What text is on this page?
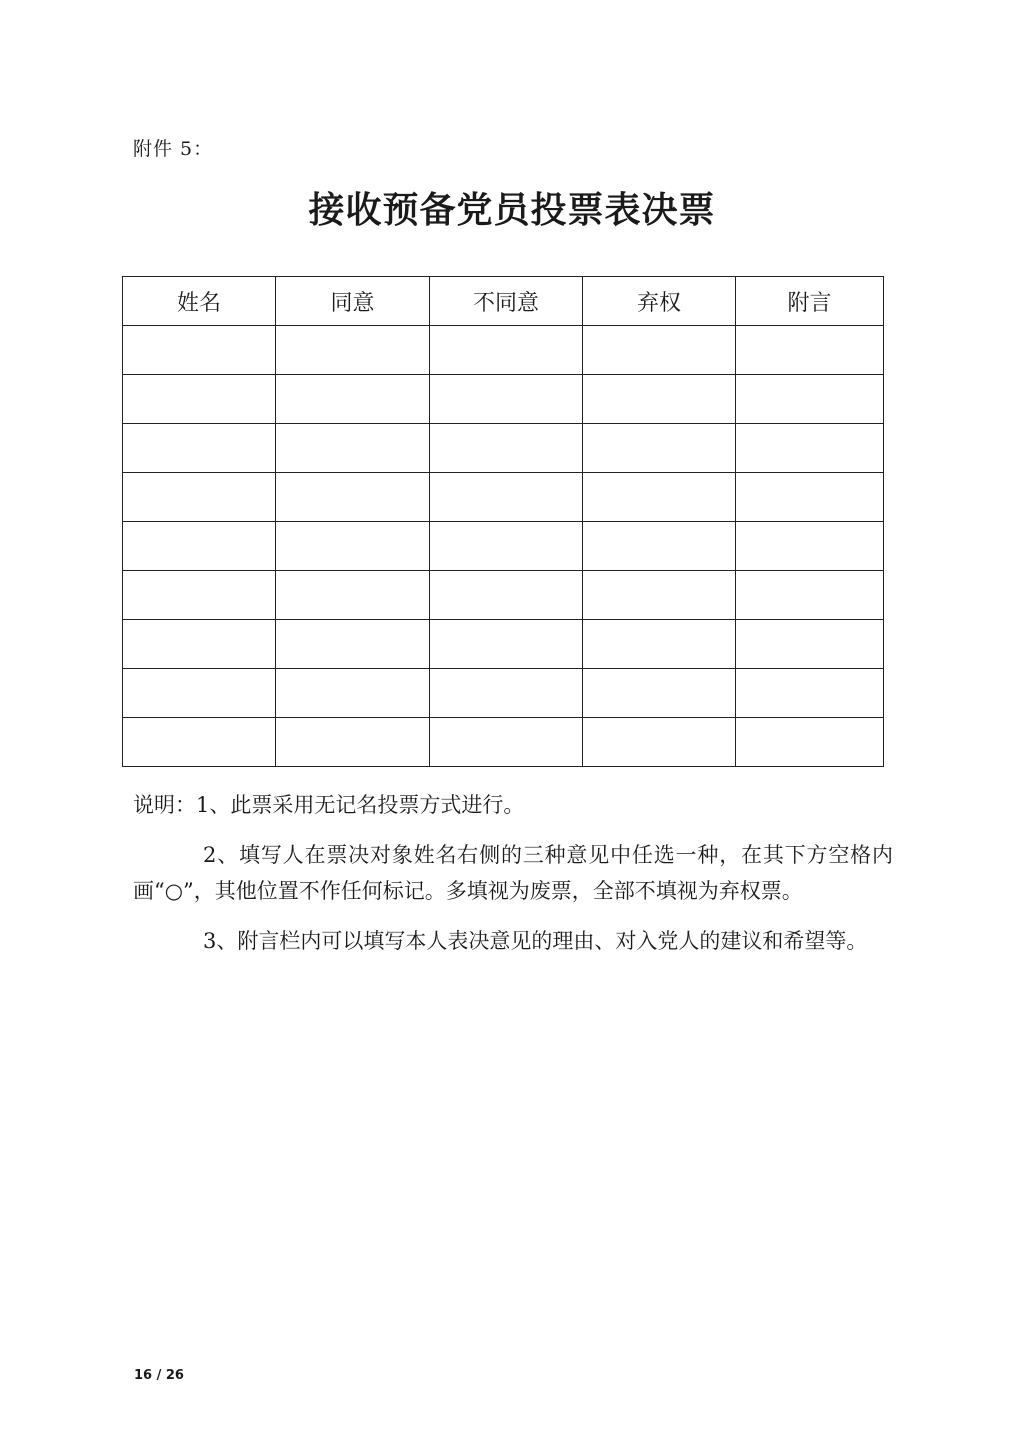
附件 5：
接收预备党员投票表决票
姓名	同意	不同意	弃权	附言

说明：1、此票采用无记名投票方式进行。

2、填写人在票决对象姓名右侧的三种意见中任选一种，在其下方空格内画“○”，其他位置不作任何标记。多填视为废票，全部不填视为弃权票。

3、附言栏内可以填写本人表决意见的理由、对入党人的建议和希望等。

16 / 26
